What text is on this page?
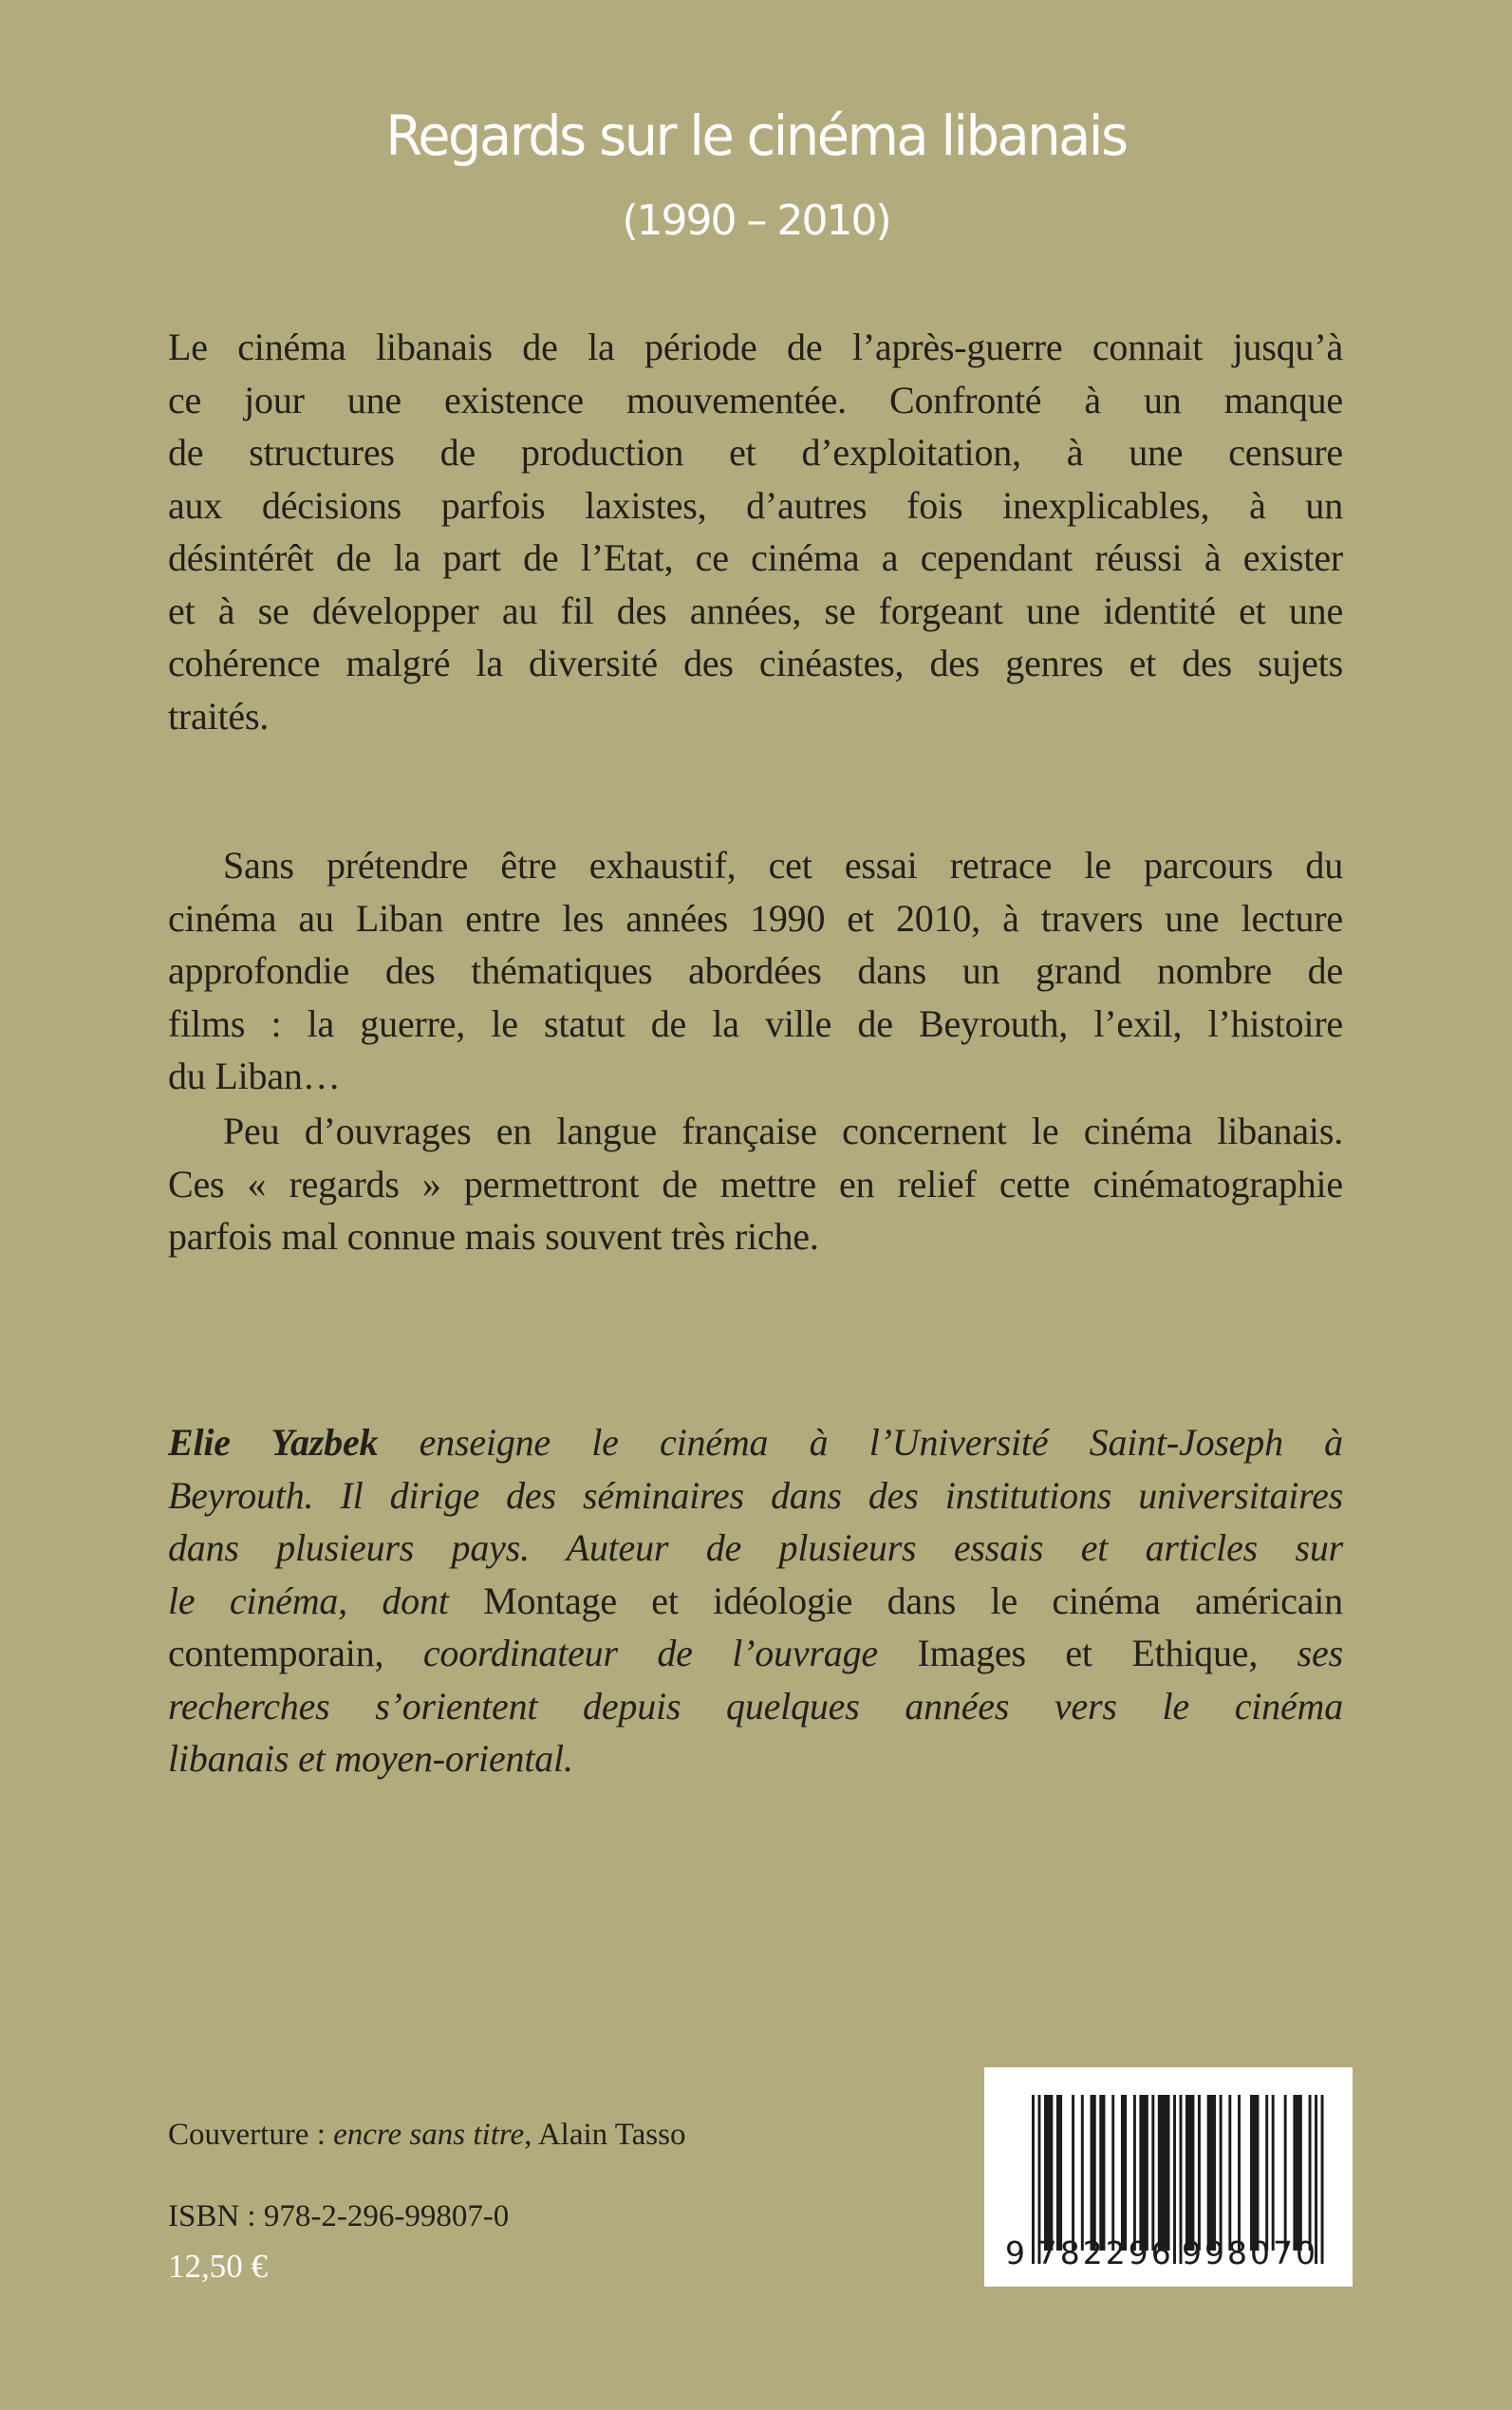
Regards sur le cinéma libanais
(1990 – 2010)
Le cinéma libanais de la période de l’après-guerre connait jusqu’à
ce jour une existence mouvementée. Confronté à un manque
de structures de production et d’exploitation, à une censure
aux décisions parfois laxistes, d’autres fois inexplicables, à un
désintérêt de la part de l’Etat, ce cinéma a cependant réussi à exister
et à se développer au fil des années, se forgeant une identité et une
cohérence malgré la diversité des cinéastes, des genres et des sujets
traités.
Sans prétendre être exhaustif, cet essai retrace le parcours du
cinéma au Liban entre les années 1990 et 2010, à travers une lecture
approfondie des thématiques abordées dans un grand nombre de
films : la guerre, le statut de la ville de Beyrouth, l’exil, l’histoire
du Liban…
Peu d’ouvrages en langue française concernent le cinéma libanais.
Ces « regards » permettront de mettre en relief cette cinématographie
parfois mal connue mais souvent très riche.
Elie Yazbek enseigne le cinéma à l’Université Saint-Joseph à
Beyrouth. Il dirige des séminaires dans des institutions universitaires
dans plusieurs pays. Auteur de plusieurs essais et articles sur
le cinéma, dont Montage et idéologie dans le cinéma américain
contemporain, coordinateur de l’ouvrage Images et Ethique, ses
recherches s’orientent depuis quelques années vers le cinéma
libanais et moyen-oriental.
Couverture : encre sans titre, Alain Tasso
ISBN : 978-2-296-99807-0
12,50 €	9 782296 998070
